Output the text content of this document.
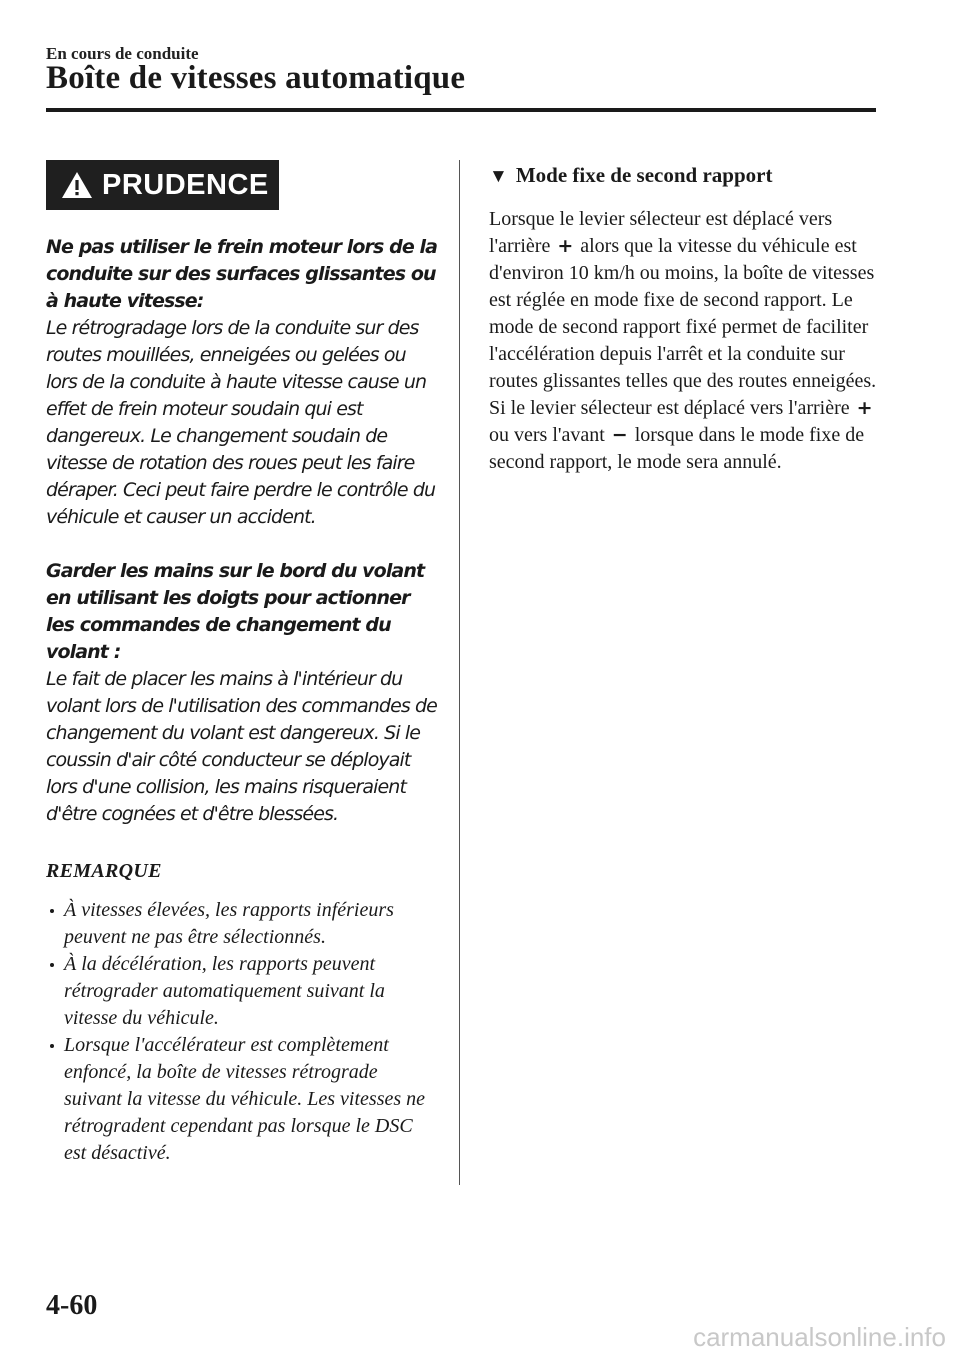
En cours de conduite
Boîte de vitesses automatique
PRUDENCE
Ne pas utiliser le frein moteur lors de la conduite sur des surfaces glissantes ou à haute vitesse:
Le rétrogradage lors de la conduite sur des routes mouillées, enneigées ou gelées ou lors de la conduite à haute vitesse cause un effet de frein moteur soudain qui est dangereux. Le changement soudain de vitesse de rotation des roues peut les faire déraper. Ceci peut faire perdre le contrôle du véhicule et causer un accident.
Garder les mains sur le bord du volant en utilisant les doigts pour actionner les commandes de changement du volant :
Le fait de placer les mains à l'intérieur du volant lors de l'utilisation des commandes de changement du volant est dangereux. Si le coussin d'air côté conducteur se déployait lors d'une collision, les mains risqueraient d'être cognées et d'être blessées.
REMARQUE
À vitesses élevées, les rapports inférieurs peuvent ne pas être sélectionnés.
À la décélération, les rapports peuvent rétrograder automatiquement suivant la vitesse du véhicule.
Lorsque l'accélérateur est complètement enfoncé, la boîte de vitesses rétrograde suivant la vitesse du véhicule. Les vitesses ne rétrogradent cependant pas lorsque le DSC est désactivé.
▼ Mode fixe de second rapport
Lorsque le levier sélecteur est déplacé vers l'arrière + alors que la vitesse du véhicule est d'environ 10 km/h ou moins, la boîte de vitesses est réglée en mode fixe de second rapport. Le mode de second rapport fixé permet de faciliter l'accélération depuis l'arrêt et la conduite sur routes glissantes telles que des routes enneigées.
Si le levier sélecteur est déplacé vers l'arrière + ou vers l'avant − lorsque dans le mode fixe de second rapport, le mode sera annulé.
4-60
carmanualsonline.info
